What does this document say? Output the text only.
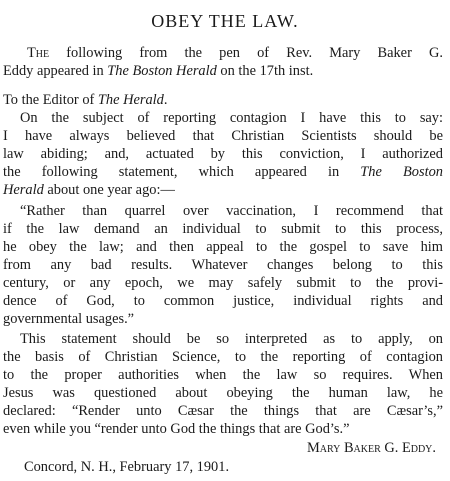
OBEY THE LAW.

The following from the pen of Rev. Mary Baker G.

Eddy appeared in The Boston Herald on the 17th inst.

To the Editor of The Herald.

On the subject of reporting contagion I have this to say:

I have always believed that Christian Scientists should be

law abiding; and, actuated by this conviction, I authorized

the following statement, which appeared in The Boston

Herald about one year ago:—

“Rather than quarrel over vaccination, I recommend that

if the law demand an individual to submit to this process,

he obey the law; and then appeal to the gospel to save him

from any bad results. Whatever changes belong to this

century, or any epoch, we may safely submit to the provi-

dence of God, to common justice, individual rights and

governmental usages.”

This statement should be so interpreted as to apply, on

the basis of Christian Science, to the reporting of contagion

to the proper authorities when the law so requires. When

Jesus was questioned about obeying the human law, he

declared: “Render unto Cæsar the things that are Cæsar’s,”

even while you “render unto God the things that are God’s.”

Mary Baker G. Eddy.

Concord, N. H., February 17, 1901.
